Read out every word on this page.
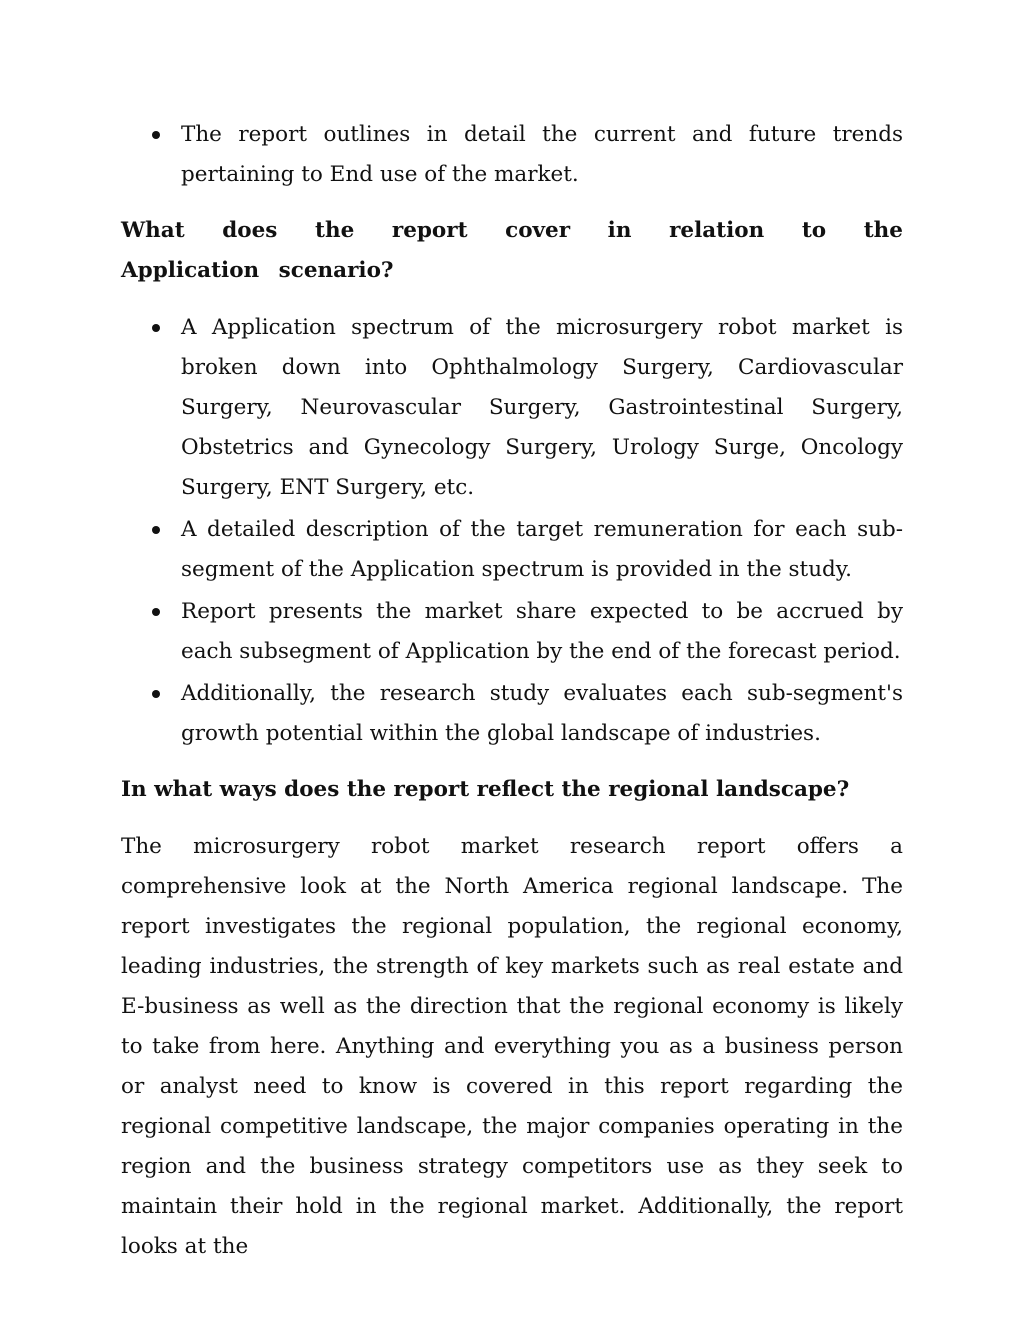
The report outlines in detail the current and future trends pertaining to End use of the market.
What does the report cover in relation to the Application scenario?
A Application spectrum of the microsurgery robot market is broken down into Ophthalmology Surgery, Cardiovascular Surgery, Neurovascular Surgery, Gastrointestinal Surgery, Obstetrics and Gynecology Surgery, Urology Surge, Oncology Surgery, ENT Surgery, etc.
A detailed description of the target remuneration for each sub-segment of the Application spectrum is provided in the study.
Report presents the market share expected to be accrued by each subsegment of Application by the end of the forecast period.
Additionally, the research study evaluates each sub-segment's growth potential within the global landscape of industries.
In what ways does the report reflect the regional landscape?

The microsurgery robot market research report offers a comprehensive look at the North America regional landscape. The report investigates the regional population, the regional economy, leading industries, the strength of key markets such as real estate and E-business as well as the direction that the regional economy is likely to take from here. Anything and everything you as a business person or analyst need to know is covered in this report regarding the regional competitive landscape, the major companies operating in the region and the business strategy competitors use as they seek to maintain their hold in the regional market. Additionally, the report looks at the
